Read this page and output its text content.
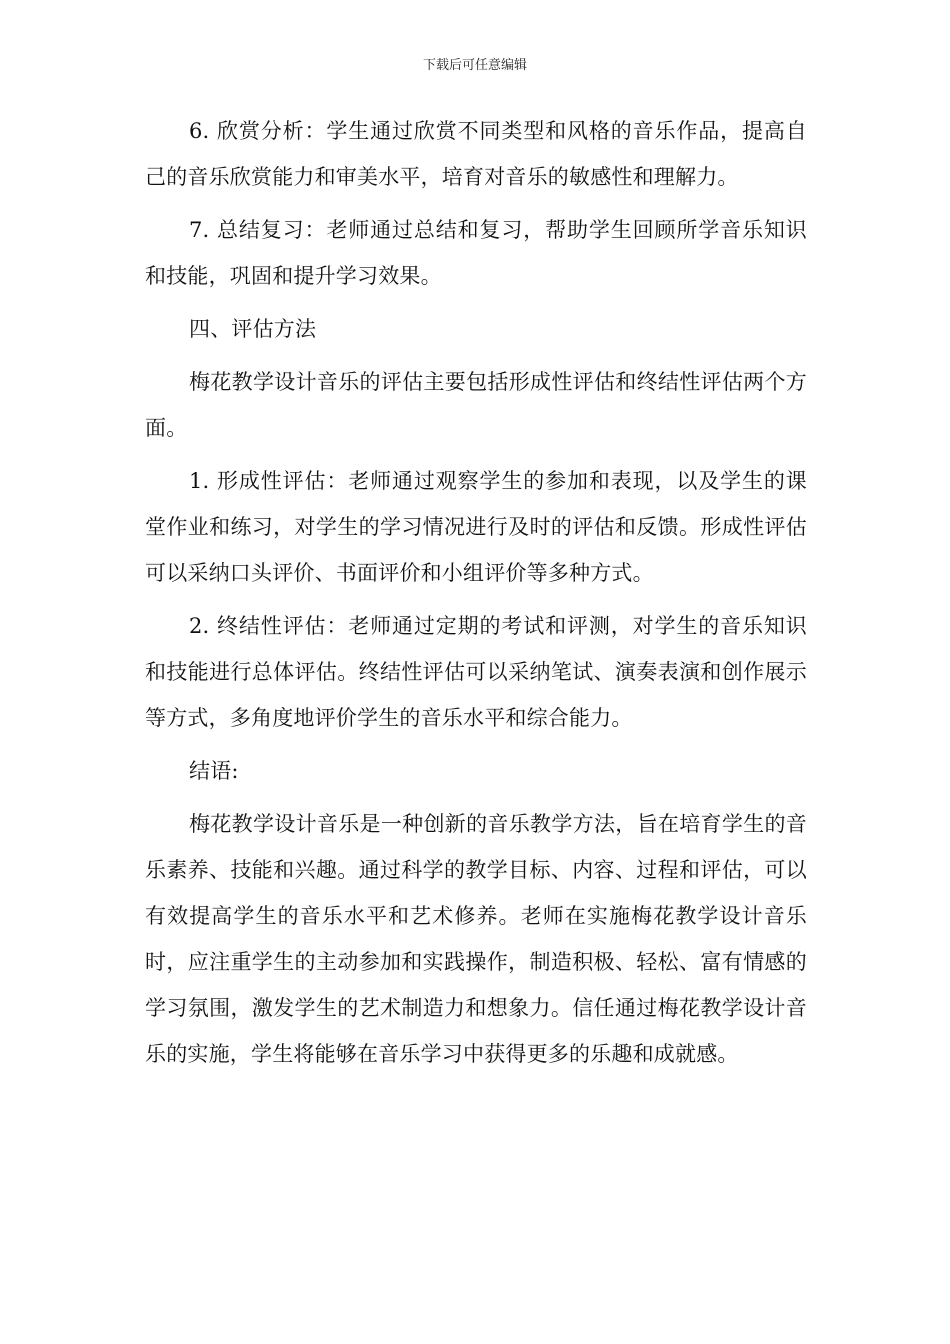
下载后可任意编辑

6. 欣赏分析：学生通过欣赏不同类型和风格的音乐作品，提高自己的音乐欣赏能力和审美水平，培育对音乐的敏感性和理解力。

7. 总结复习：老师通过总结和复习，帮助学生回顾所学音乐知识和技能，巩固和提升学习效果。

四、评估方法

梅花教学设计音乐的评估主要包括形成性评估和终结性评估两个方面。

1. 形成性评估：老师通过观察学生的参加和表现，以及学生的课堂作业和练习，对学生的学习情况进行及时的评估和反馈。形成性评估可以采纳口头评价、书面评价和小组评价等多种方式。

2. 终结性评估：老师通过定期的考试和评测，对学生的音乐知识和技能进行总体评估。终结性评估可以采纳笔试、演奏表演和创作展示等方式，多角度地评价学生的音乐水平和综合能力。

结语:

梅花教学设计音乐是一种创新的音乐教学方法，旨在培育学生的音乐素养、技能和兴趣。通过科学的教学目标、内容、过程和评估，可以有效提高学生的音乐水平和艺术修养。老师在实施梅花教学设计音乐时，应注重学生的主动参加和实践操作，制造积极、轻松、富有情感的学习氛围，激发学生的艺术制造力和想象力。信任通过梅花教学设计音乐的实施，学生将能够在音乐学习中获得更多的乐趣和成就感。
